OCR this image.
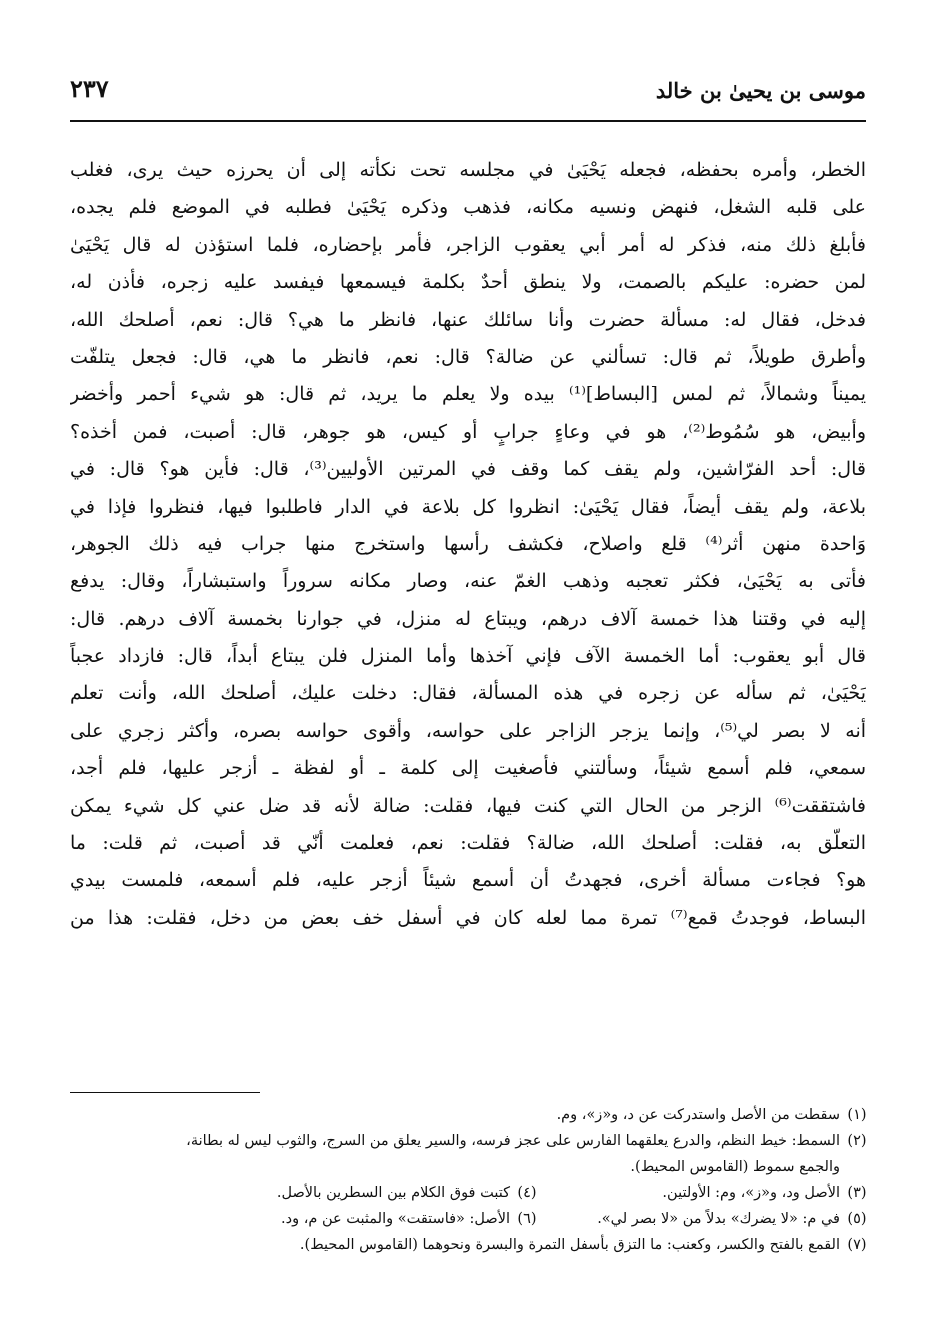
موسى بن يحيىٰ بن خالد
٢٣٧
الخطر، وأمره بحفظه، فجعله يَحْيَىٰ في مجلسه تحت نكأته إلى أن يحرزه حيث يرى، فغلب
على قلبه الشغل، فنهض ونسيه مكانه، فذهب وذكره يَحْيَىٰ فطلبه في الموضع فلم يجده،
فأبلغ ذلك منه، فذكر له أمر أبي يعقوب الزاجر، فأمر بإحضاره، فلما استؤذن له قال يَحْيَىٰ
لمن حضره: عليكم بالصمت، ولا ينطق أحدٌ بكلمة فيسمعها فيفسد عليه زجره، فأذن له،
فدخل، فقال له: مسألة حضرت وأنا سائلك عنها، فانظر ما هي؟ قال: نعم، أصلحك الله،
وأطرق طويلاً، ثم قال: تسألني عن ضالة؟ قال: نعم، فانظر ما هي، قال: فجعل يتلفّت
يميناً وشمالاً، ثم لمس [البساط]⁽¹⁾ بيده ولا يعلم ما يريد، ثم قال: هو شيء أحمر وأخضر
وأبيض، هو سُمُوط⁽²⁾، هو في وعاءٍ جرابٍ أو كيس، هو جوهر، قال: أصبت، فمن أخذه؟
قال: أحد الفرّاشين، ولم يقف كما وقف في المرتين الأوليين⁽³⁾، قال: فأين هو؟ قال: في
بلاعة، ولم يقف أيضاً، فقال يَحْيَىٰ: انظروا كل بلاعة في الدار فاطلبوا فيها، فنظروا فإذا في
وَاحدة منهن أثر⁽⁴⁾ قلع واصلاح، فكشف رأسها واستخرج منها جراب فيه ذلك الجوهر،
فأتى به يَحْيَىٰ، فكثر تعجبه وذهب الغمّ عنه، وصار مكانه سروراً واستبشاراً، وقال: يدفع
إليه في وقتنا هذا خمسة آلاف درهم، ويبتاع له منزل، في جوارنا بخمسة آلاف درهم. قال:
قال أبو يعقوب: أما الخمسة الآف فإني آخذها وأما المنزل فلن يبتاع أبداً، قال: فازداد عجباً
يَحْيَىٰ، ثم سأله عن زجره في هذه المسألة، فقال: دخلت عليك، أصلحك الله، وأنت تعلم
أنه لا بصر لي⁽⁵⁾، وإنما يزجر الزاجر على حواسه، وأقوى حواسه بصره، وأكثر زجري على
سمعي، فلم أسمع شيئاً، وسألتني فأصغيت إلى كلمة ـ أو لفظة ـ أزجر عليها، فلم أجد،
فاشتققت⁽⁶⁾ الزجر من الحال التي كنت فيها، فقلت: ضالة لأنه قد ضل عني كل شيء يمكن
التعلّق به، فقلت: أصلحك الله، ضالة؟ فقلت: نعم، فعلمت أنّي قد أصبت، ثم قلت: ما
هو؟ فجاءت مسألة أخرى، فجهدتُ أن أسمع شيئاً أزجر عليه، فلم أسمعه، فلمست بيدي
البساط، فوجدتُ قمع⁽⁷⁾ تمرة مما لعله كان في أسفل خف بعض من دخل، فقلت: هذا من
(١)سقطت من الأصل واستدركت عن د، و«ز»، وم.
(٢)السمط: خيط النظم، والدرع يعلقهما الفارس على عجز فرسه، والسير يعلق من السرج، والثوب ليس له بطانة،
والجمع سموط (القاموس المحيط).
(٣)الأصل ود، و«ز»، وم: الأولتين.(٤)كتبت فوق الكلام بين السطرين بالأصل.
(٥)في م: «لا يضرك» بدلاً من «لا بصر لي».(٦)الأصل: «فاستقت» والمثبت عن م، ود.
(٧)القمع بالفتح والكسر، وكعنب: ما التزق بأسفل التمرة والبسرة ونحوهما (القاموس المحيط).
